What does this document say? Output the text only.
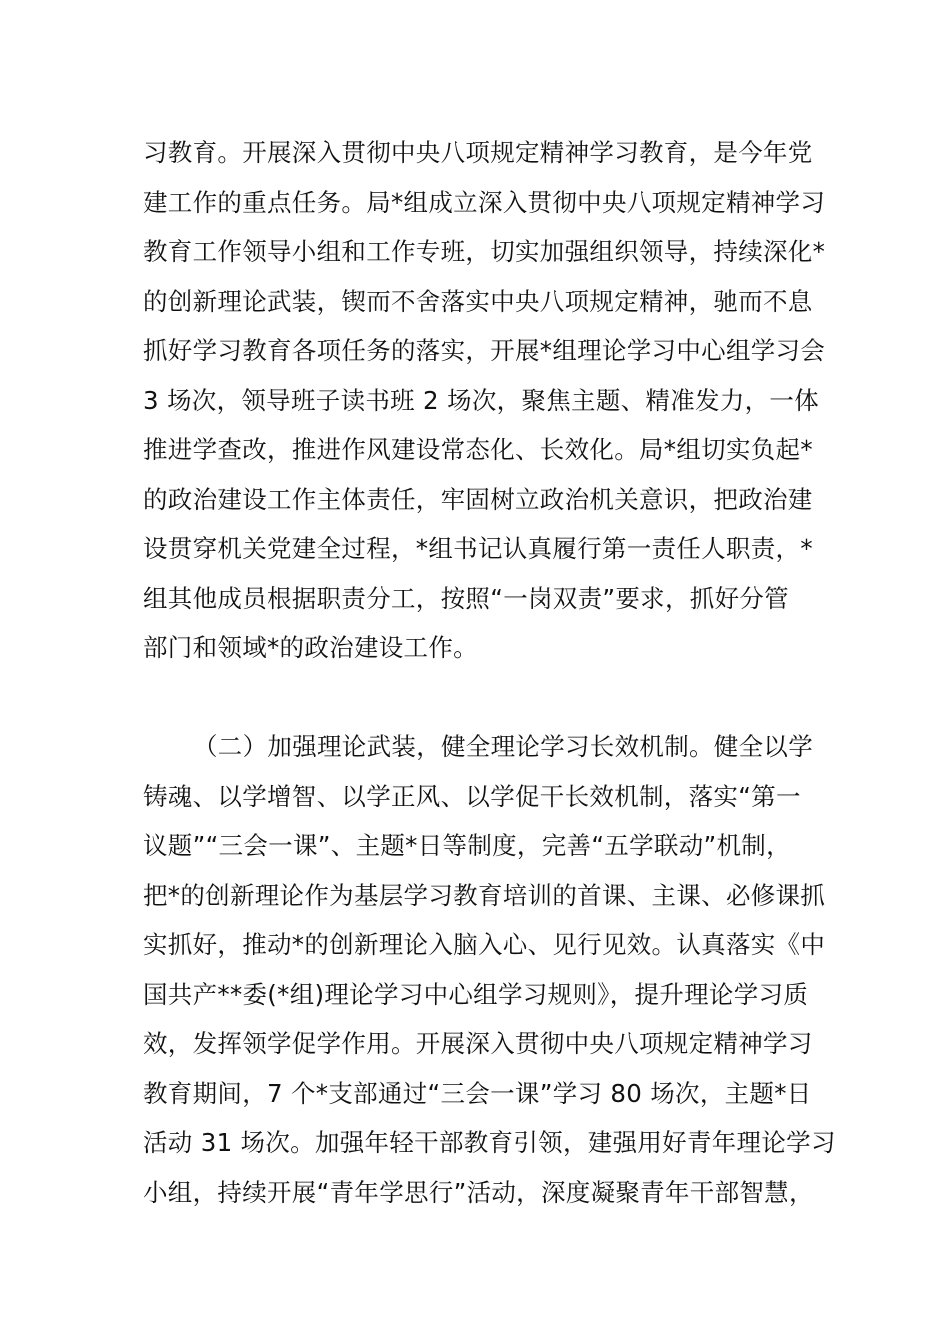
习教育。开展深入贯彻中央八项规定精神学习教育，是今年党
建工作的重点任务。局*组成立深入贯彻中央八项规定精神学习
教育工作领导小组和工作专班，切实加强组织领导，持续深化*
的创新理论武装，锲而不舍落实中央八项规定精神，驰而不息
抓好学习教育各项任务的落实，开展*组理论学习中心组学习会
3 场次，领导班子读书班 2 场次，聚焦主题、精准发力，一体
推进学查改，推进作风建设常态化、长效化。局*组切实负起*
的政治建设工作主体责任，牢固树立政治机关意识，把政治建
设贯穿机关党建全过程，*组书记认真履行第一责任人职责，*
组其他成员根据职责分工，按照“一岗双责”要求，抓好分管
部门和领域*的政治建设工作。
（二）加强理论武装，健全理论学习长效机制。健全以学
铸魂、以学增智、以学正风、以学促干长效机制，落实“第一
议题”“三会一课”、主题*日等制度，完善“五学联动”机制，
把*的创新理论作为基层学习教育培训的首课、主课、必修课抓
实抓好，推动*的创新理论入脑入心、见行见效。认真落实《中
国共产**委(*组)理论学习中心组学习规则》，提升理论学习质
效，发挥领学促学作用。开展深入贯彻中央八项规定精神学习
教育期间，7 个*支部通过“三会一课”学习 80 场次，主题*日
活动 31 场次。加强年轻干部教育引领，建强用好青年理论学习
小组，持续开展“青年学思行”活动，深度凝聚青年干部智慧，
